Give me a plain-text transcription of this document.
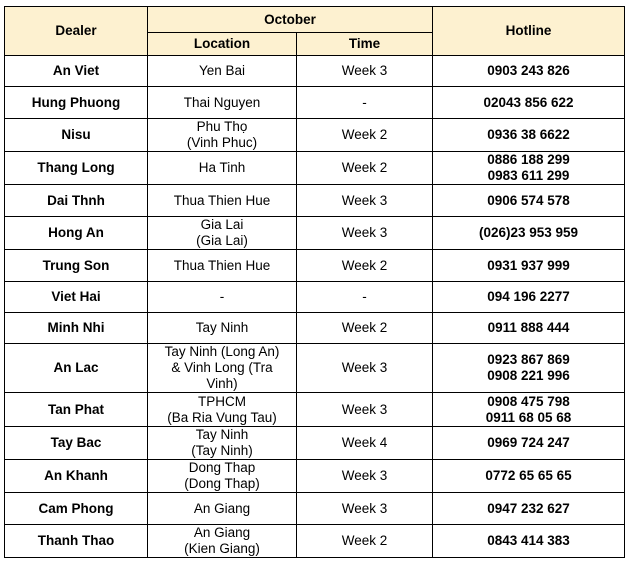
Dealer	October		Hotline
	Location	Time	
An Viet	Yen Bai	Week 3	0903 243 826

Hung Phuong	Thai Nguyen	-	02043 856 622

Nisu	Phu Thọ
(Vinh Phuc)	Week 2	0936 38 6622

Thang Long	Ha Tinh	Week 2	0886 188 299
0983 611 299

Dai Thnh	Thua Thien Hue	Week 3	0906 574 578

Hong An	Gia Lai
(Gia Lai)	Week 3	(026)23 953 959

Trung Son	Thua Thien Hue	Week 2	0931 937 999

Viet Hai	-	-	094 196 2277

Minh Nhi	Tay Ninh	Week 2	0911 888 444

An Lac	Tay Ninh (Long An)
& Vinh Long (Tra
Vinh)	Week 3	0923 867 869
0908 221 996

Tan Phat	TPHCM
(Ba Ria Vung Tau)	Week 3	0908 475 798
0911 68 05 68

Tay Bac	Tay Ninh
(Tay Ninh)	Week 4	0969 724 247

An Khanh	Dong Thap
(Dong Thap)	Week 3	0772 65 65 65

Cam Phong	An Giang	Week 3	0947 232 627

Thanh Thao	An Giang
(Kien Giang)	Week 2	0843 414 383
